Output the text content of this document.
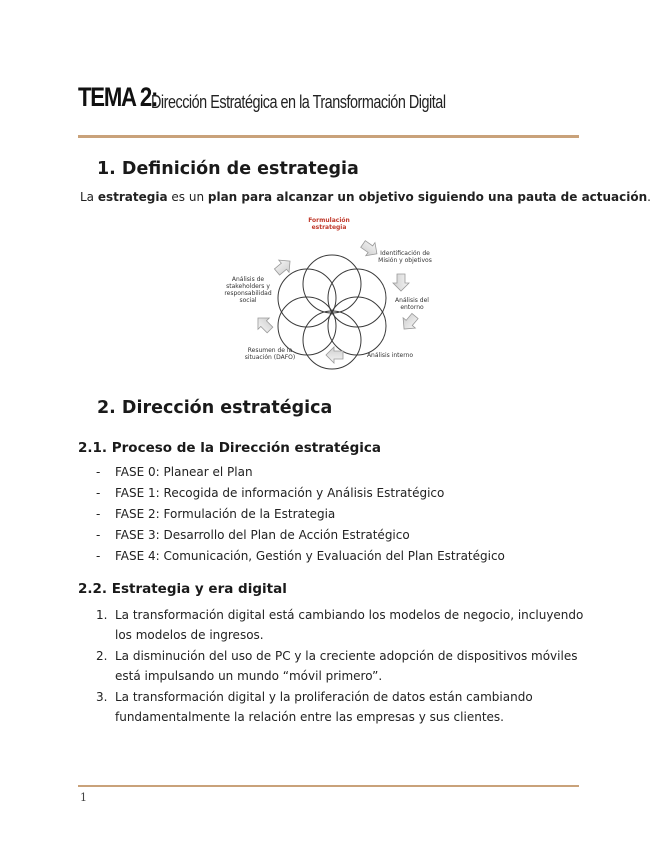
TEMA 2:
Dirección Estratégica en la Transformación Digital
1. Definición de estrategia
La estrategia es un plan para alcanzar un objetivo siguiendo una pauta de actuación.
Formulación estrategia
Identificación de Misión y objetivos
Análisis del entorno
Análisis interno
Resumen de la situación (DAFO)
Análisis de stakeholders y responsabilidad social
2. Dirección estratégica
2.1. Proceso de la Dirección estratégica
- FASE 0: Planear el Plan
- FASE 1: Recogida de información y Análisis Estratégico
- FASE 2: Formulación de la Estrategia
- FASE 3: Desarrollo del Plan de Acción Estratégico
- FASE 4: Comunicación, Gestión y Evaluación del Plan Estratégico
2.2. Estrategia y era digital
1. La transformación digital está cambiando los modelos de negocio, incluyendo los modelos de ingresos.
2. La disminución del uso de PC y la creciente adopción de dispositivos móviles está impulsando un mundo “móvil primero”.
3. La transformación digital y la proliferación de datos están cambiando fundamentalmente la relación entre las empresas y sus clientes.
1
